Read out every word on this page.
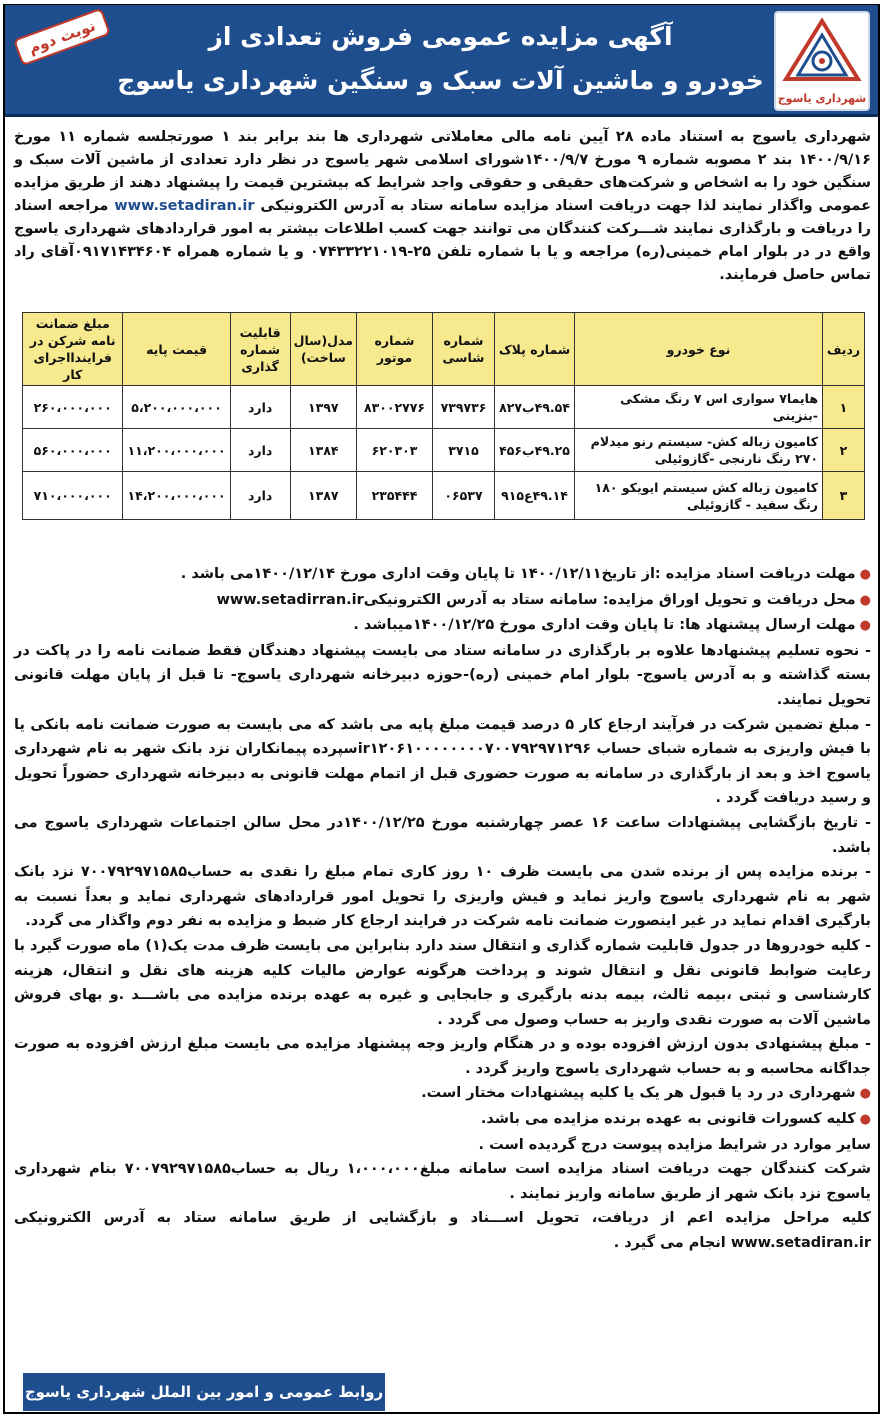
نوبت دوم	آگهی مزایده عمومی فروش تعدادی از
خودرو و ماشین آلات سبک و سنگین شهرداری یاسوج
شهرداری یاسوج
شهرداری یاسوج به استناد ماده ۲۸ آیین نامه مالی معاملاتی شهرداری ها بند برابر بند ۱ صورتجلسه شماره ۱۱ مورخ ۱۴۰۰/۹/۱۶ بند ۲ مصوبه شماره ۹ مورخ ۱۴۰۰/۹/۷شورای اسلامی شهر یاسوج در نظر دارد تعدادی از ماشین آلات سبک و سنگین خود را به اشخاص و شرکت‌های حقیقی و حقوقی واجد شرایط که بیشترین قیمت را پیشنهاد دهند از طریق مزایده عمومی واگذار نمایند لذا جهت دریافت اسناد مزایده سامانه ستاد به آدرس الکترونیکی www.setadiran.ir مراجعه اسناد را دریافت و بارگذاری نمایند شـــرکت کنندگان می توانند جهت کسب اطلاعات بیشتر به امور قراردادهای شهرداری یاسوج واقع در در بلوار امام خمینی(ره) مراجعه و یا با شماره تلفن ۲۵-۰۷۴۳۳۲۲۱۰۱۹ و یا شماره همراه ۰۹۱۷۱۴۳۴۶۰۴آقای راد تماس حاصل فرمایند.
ردیف	نوع خودرو	شماره پلاک	شماره شاسی	شماره موتور	مدل(سال ساخت)	قابلیت شماره گذاری	قیمت پایه	مبلغ ضمانت نامه شرکن در فرایندااجرای کار
۱	هایما۷ سواری اس ۷ رنگ مشکی -بنزینی	۴۹.۵۴ب۸۲۷	۷۳۹۷۳۶	۸۳۰۰۲۷۷۶	۱۳۹۷	دارد	۵،۲۰۰،۰۰۰،۰۰۰	۲۶۰،۰۰۰،۰۰۰
۲	کامیون زباله کش- سیستم رنو میدلام ۲۷۰ رنگ نارنجی -گازوئیلی	۴۹.۲۵ب۴۵۶	۳۷۱۵	۶۲۰۳۰۳	۱۳۸۴	دارد	۱۱،۲۰۰،۰۰۰،۰۰۰	۵۶۰،۰۰۰،۰۰۰
۳	کامیون زباله کش سیستم ایویکو ۱۸۰ رنگ سفید - گازوئیلی	۴۹.۱۴ع۹۱۵	۰۶۵۳۷	۲۳۵۴۴۴	۱۳۸۷	دارد	۱۴،۲۰۰،۰۰۰،۰۰۰	۷۱۰،۰۰۰،۰۰۰

●مهلت دریافت اسناد مزایده :از تاریخ۱۴۰۰/۱۲/۱۱ تا پایان وقت اداری مورخ ۱۴۰۰/۱۲/۱۴می باشد .

●محل دریافت و تحویل اوراق مزایده: سامانه ستاد به آدرس الکترونیکیwww.setadirran.ir

●مهلت ارسال پیشنهاد ها: تا پایان وقت اداری مورخ ۱۴۰۰/۱۲/۲۵میباشد .

- نحوه تسلیم پیشنهادها علاوه بر بارگذاری در سامانه ستاد می بایست پیشنهاد دهندگان فقط ضمانت نامه را در پاکت در بسته گذاشته و به آدرس یاسوج- بلوار امام خمینی (ره)-حوزه دبیرخانه شهرداری یاسوج- تا قبل از پایان مهلت قانونی تحویل نمایند.

- مبلغ تضمین شرکت در فرآیند ارجاع کار ۵ درصد قیمت مبلغ پایه می باشد که می بایست به صورت ضمانت نامه بانکی یا با فیش واریزی به شماره شبای حساب ir۱۲۰۶۱۰۰۰۰۰۰۰۰۷۰۰۷۹۲۹۷۱۲۹۶سپرده پیمانکاران نزد بانک شهر به نام شهرداری یاسوج اخذ و بعد از بارگذاری در سامانه به صورت حضوری قبل از اتمام مهلت قانونی به دبیرخانه شهرداری حضوراً تحویل و رسید دریافت گردد .

- تاریخ بازگشایی پیشنهادات ساعت ۱۶ عصر چهارشنبه مورخ ۱۴۰۰/۱۲/۲۵در محل سالن اجتماعات شهرداری یاسوج می باشد.

- برنده مزایده پس از برنده شدن می بایست ظرف ۱۰ روز کاری تمام مبلغ را نقدی به حساب۷۰۰۷۹۲۹۷۱۵۸۵ نزد بانک شهر به نام شهرداری یاسوج واریز نماید و فیش واریزی را تحویل امور قراردادهای شهرداری نماید و بعداً نسبت به بارگیری اقدام نماید در غیر اینصورت ضمانت نامه شرکت در فرایند ارجاع کار ضبط و مزایده به نفر دوم واگذار می گردد.

- کلیه خودروها در جدول قابلیت شماره گذاری و انتقال سند دارد بنابراین می بایست ظرف مدت یک(۱) ماه صورت گیرد با رعایت ضوابط قانونی نقل و انتقال شوند و پرداخت هرگونه عوارض مالیات کلیه هزینه های نقل و انتقال، هزینه کارشناسی و ثبتی ،بیمه ثالث، بیمه بدنه بارگیری و جابجایی و غیره به عهده برنده مزایده می باشـــد .و بهای فروش ماشین آلات به صورت نقدی واریز به حساب وصول می گردد .

- مبلغ پیشنهادی بدون ارزش افزوده بوده و در هنگام واریز وجه پیشنهاد مزایده می بایست مبلغ ارزش افزوده به صورت جداگانه محاسبه و به حساب شهرداری یاسوج واریز گردد .

●شهرداری در رد یا قبول هر یک یا کلیه پیشنهادات مختار است.

●کلیه کسورات قانونی به عهده برنده مزایده می باشد.

سایر موارد در شرایط مزایده پیوست درج گردیده است .

شرکت کنندگان جهت دریافت اسناد مزایده است سامانه مبلغ۱،۰۰۰،۰۰۰ ریال به حساب۷۰۰۷۹۲۹۷۱۵۸۵ بنام شهرداری یاسوج نزد بانک شهر از طریق سامانه واریز نمایند .

کلیه مراحل مزایده اعم از دریافت، تحویل اســـناد و بازگشایی از طریق سامانه ستاد به آدرس الکترونیکی www.setadiran.ir انجام می گیرد .

روابط عمومی و امور بین الملل شهرداری یاسوج
